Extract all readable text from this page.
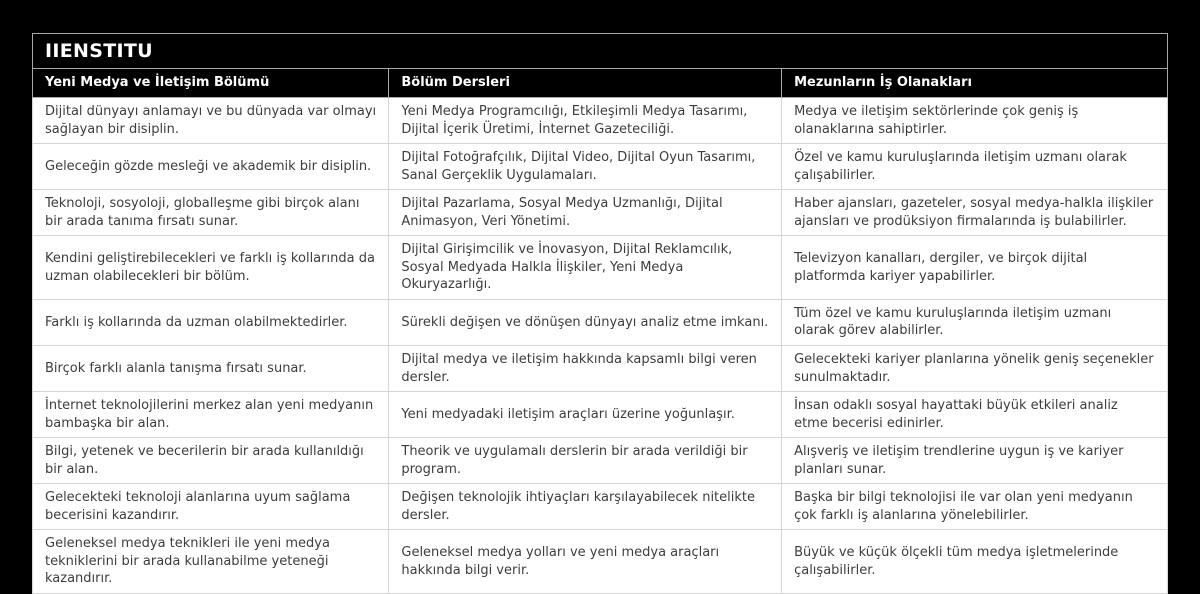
IIENSTITU
Yeni Medya ve İletişim Bölümü	Bölüm Dersleri	Mezunların İş Olanakları
Dijital dünyayı anlamayı ve bu dünyada var olmayı sağlayan bir disiplin.	Yeni Medya Programcılığı, Etkileşimli Medya Tasarımı, Dijital İçerik Üretimi, İnternet Gazeteciliği.	Medya ve iletişim sektörlerinde çok geniş iş olanaklarına sahiptirler.
Geleceğin gözde mesleği ve akademik bir disiplin.	Dijital Fotoğrafçılık, Dijital Video, Dijital Oyun Tasarımı, Sanal Gerçeklik Uygulamaları.	Özel ve kamu kuruluşlarında iletişim uzmanı olarak çalışabilirler.
Teknoloji, sosyoloji, globalleşme gibi birçok alanı bir arada tanıma fırsatı sunar.	Dijital Pazarlama, Sosyal Medya Uzmanlığı, Dijital Animasyon, Veri Yönetimi.	Haber ajansları, gazeteler, sosyal medya-halkla ilişkiler ajansları ve prodüksiyon firmalarında iş bulabilirler.
Kendini geliştirebilecekleri ve farklı iş kollarında da uzman olabilecekleri bir bölüm.	Dijital Girişimcilik ve İnovasyon, Dijital Reklamcılık, Sosyal Medyada Halkla İlişkiler, Yeni Medya Okuryazarlığı.	Televizyon kanalları, dergiler, ve birçok dijital platformda kariyer yapabilirler.
Farklı iş kollarında da uzman olabilmektedirler.	Sürekli değişen ve dönüşen dünyayı analiz etme imkanı.	Tüm özel ve kamu kuruluşlarında iletişim uzmanı olarak görev alabilirler.
Birçok farklı alanla tanışma fırsatı sunar.	Dijital medya ve iletişim hakkında kapsamlı bilgi veren dersler.	Gelecekteki kariyer planlarına yönelik geniş seçenekler sunulmaktadır.
İnternet teknolojilerini merkez alan yeni medyanın bambaşka bir alan.	Yeni medyadaki iletişim araçları üzerine yoğunlaşır.	İnsan odaklı sosyal hayattaki büyük etkileri analiz etme becerisi edinirler.
Bilgi, yetenek ve becerilerin bir arada kullanıldığı bir alan.	Theorik ve uygulamalı derslerin bir arada verildiği bir program.	Alışveriş ve iletişim trendlerine uygun iş ve kariyer planları sunar.
Gelecekteki teknoloji alanlarına uyum sağlama becerisini kazandırır.	Değişen teknolojik ihtiyaçları karşılayabilecek nitelikte dersler.	Başka bir bilgi teknolojisi ile var olan yeni medyanın çok farklı iş alanlarına yönelebilirler.
Geleneksel medya teknikleri ile yeni medya tekniklerini bir arada kullanabilme yeteneği kazandırır.	Geleneksel medya yolları ve yeni medya araçları hakkında bilgi verir.	Büyük ve küçük ölçekli tüm medya işletmelerinde çalışabilirler.
